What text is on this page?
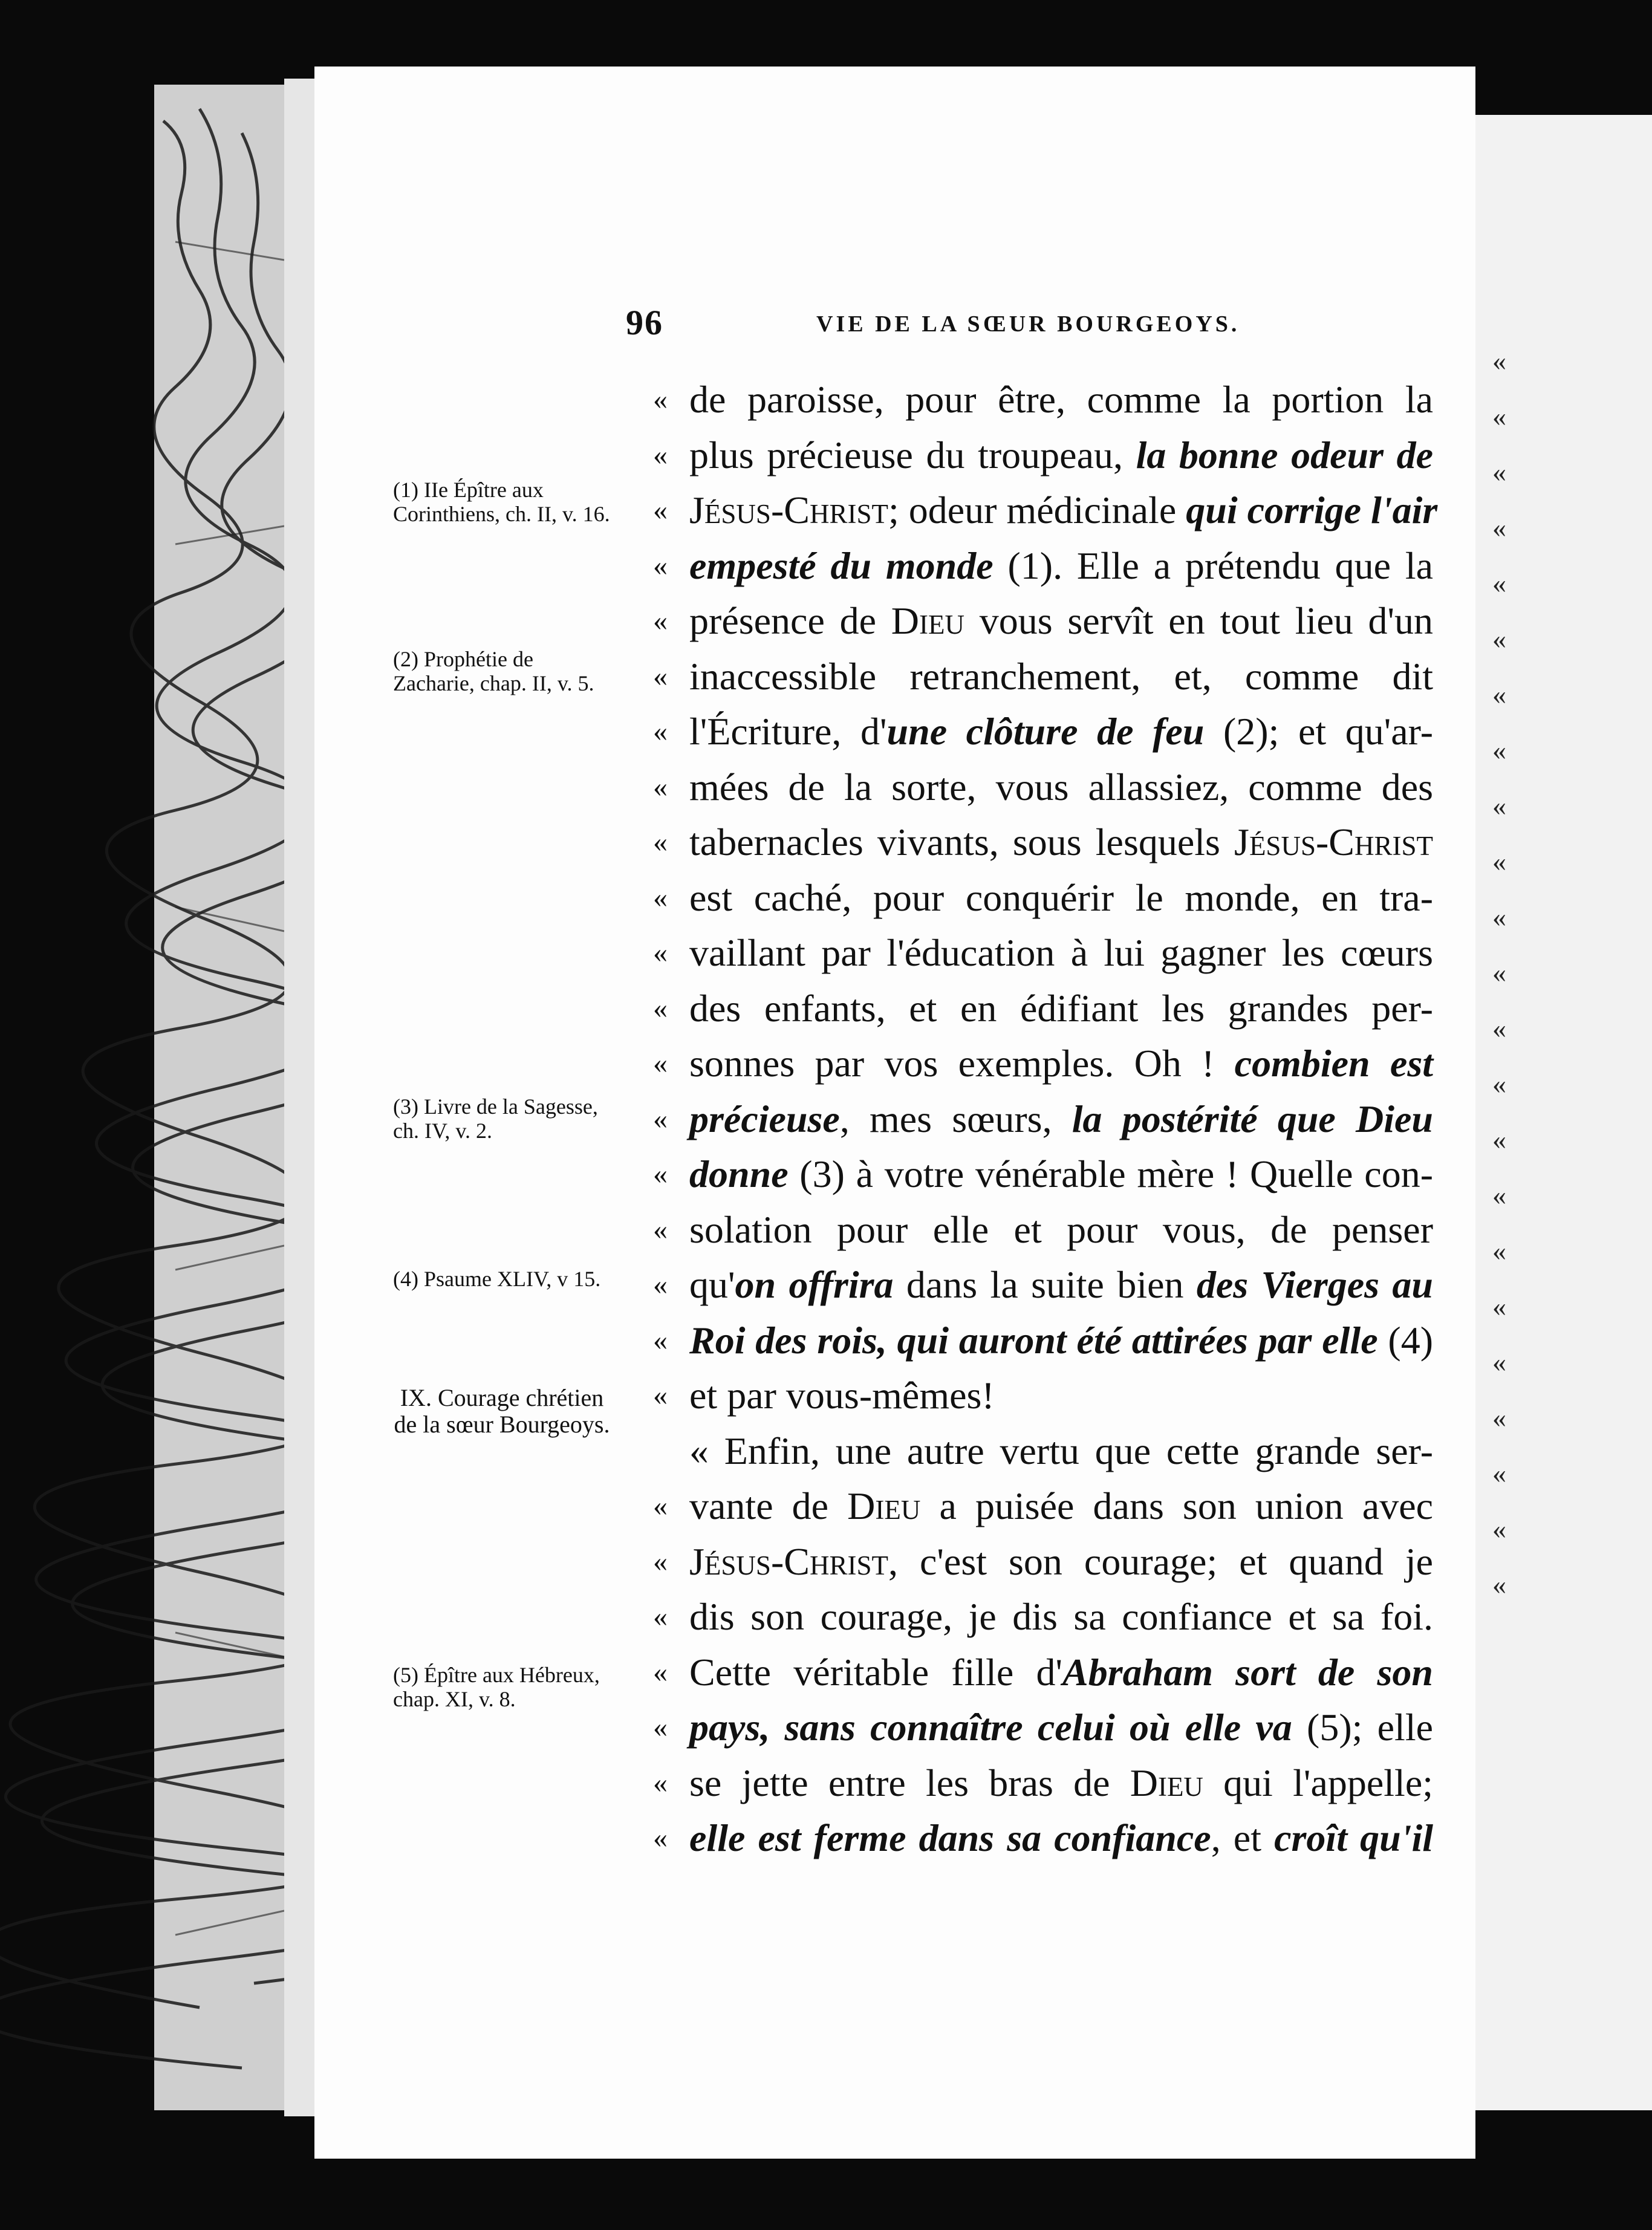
96	VIE DE LA SŒUR BOURGEOYS.
(1) IIe Épître aux Corinthiens, ch. II, v. 16.
(2) Prophétie de Zacharie, chap. II, v. 5.
(3) Livre de la Sagesse, ch. IV, v. 2.
(4) Psaume XLIV, v 15.
IX. Courage chrétien de la sœur Bourgeoys.
(5) Épître aux Hébreux, chap. XI, v. 8.
« de paroisse, pour être, comme la portion la
« plus précieuse du troupeau, la bonne odeur de
« Jésus-Christ; odeur médicinale qui corrige l'air
« empesté du monde (1). Elle a prétendu que la
« présence de Dieu vous servît en tout lieu d'un
« inaccessible retranchement, et, comme dit
« l'Écriture, d'une clôture de feu (2); et qu'ar-
« mées de la sorte, vous allassiez, comme des
« tabernacles vivants, sous lesquels Jésus-Christ
« est caché, pour conquérir le monde, en tra-
« vaillant par l'éducation à lui gagner les cœurs
« des enfants, et en édifiant les grandes per-
« sonnes par vos exemples. Oh ! combien est
« précieuse, mes sœurs, la postérité que Dieu
« donne (3) à votre vénérable mère ! Quelle con-
« solation pour elle et pour vous, de penser
« qu'on offrira dans la suite bien des Vierges au
« Roi des rois, qui auront été attirées par elle (4)
« et par vous-mêmes!
« Enfin, une autre vertu que cette grande ser-
« vante de Dieu a puisée dans son union avec
« Jésus-Christ, c'est son courage; et quand je
« dis son courage, je dis sa confiance et sa foi.
« Cette véritable fille d'Abraham sort de son
« pays, sans connaître celui où elle va (5); elle
« se jette entre les bras de Dieu qui l'appelle;
« elle est ferme dans sa confiance, et croît qu'il
«
«
«
«
«
«
«
«
«
«
«
«
«
«
«
«
«
«
«
«
«
«
«
